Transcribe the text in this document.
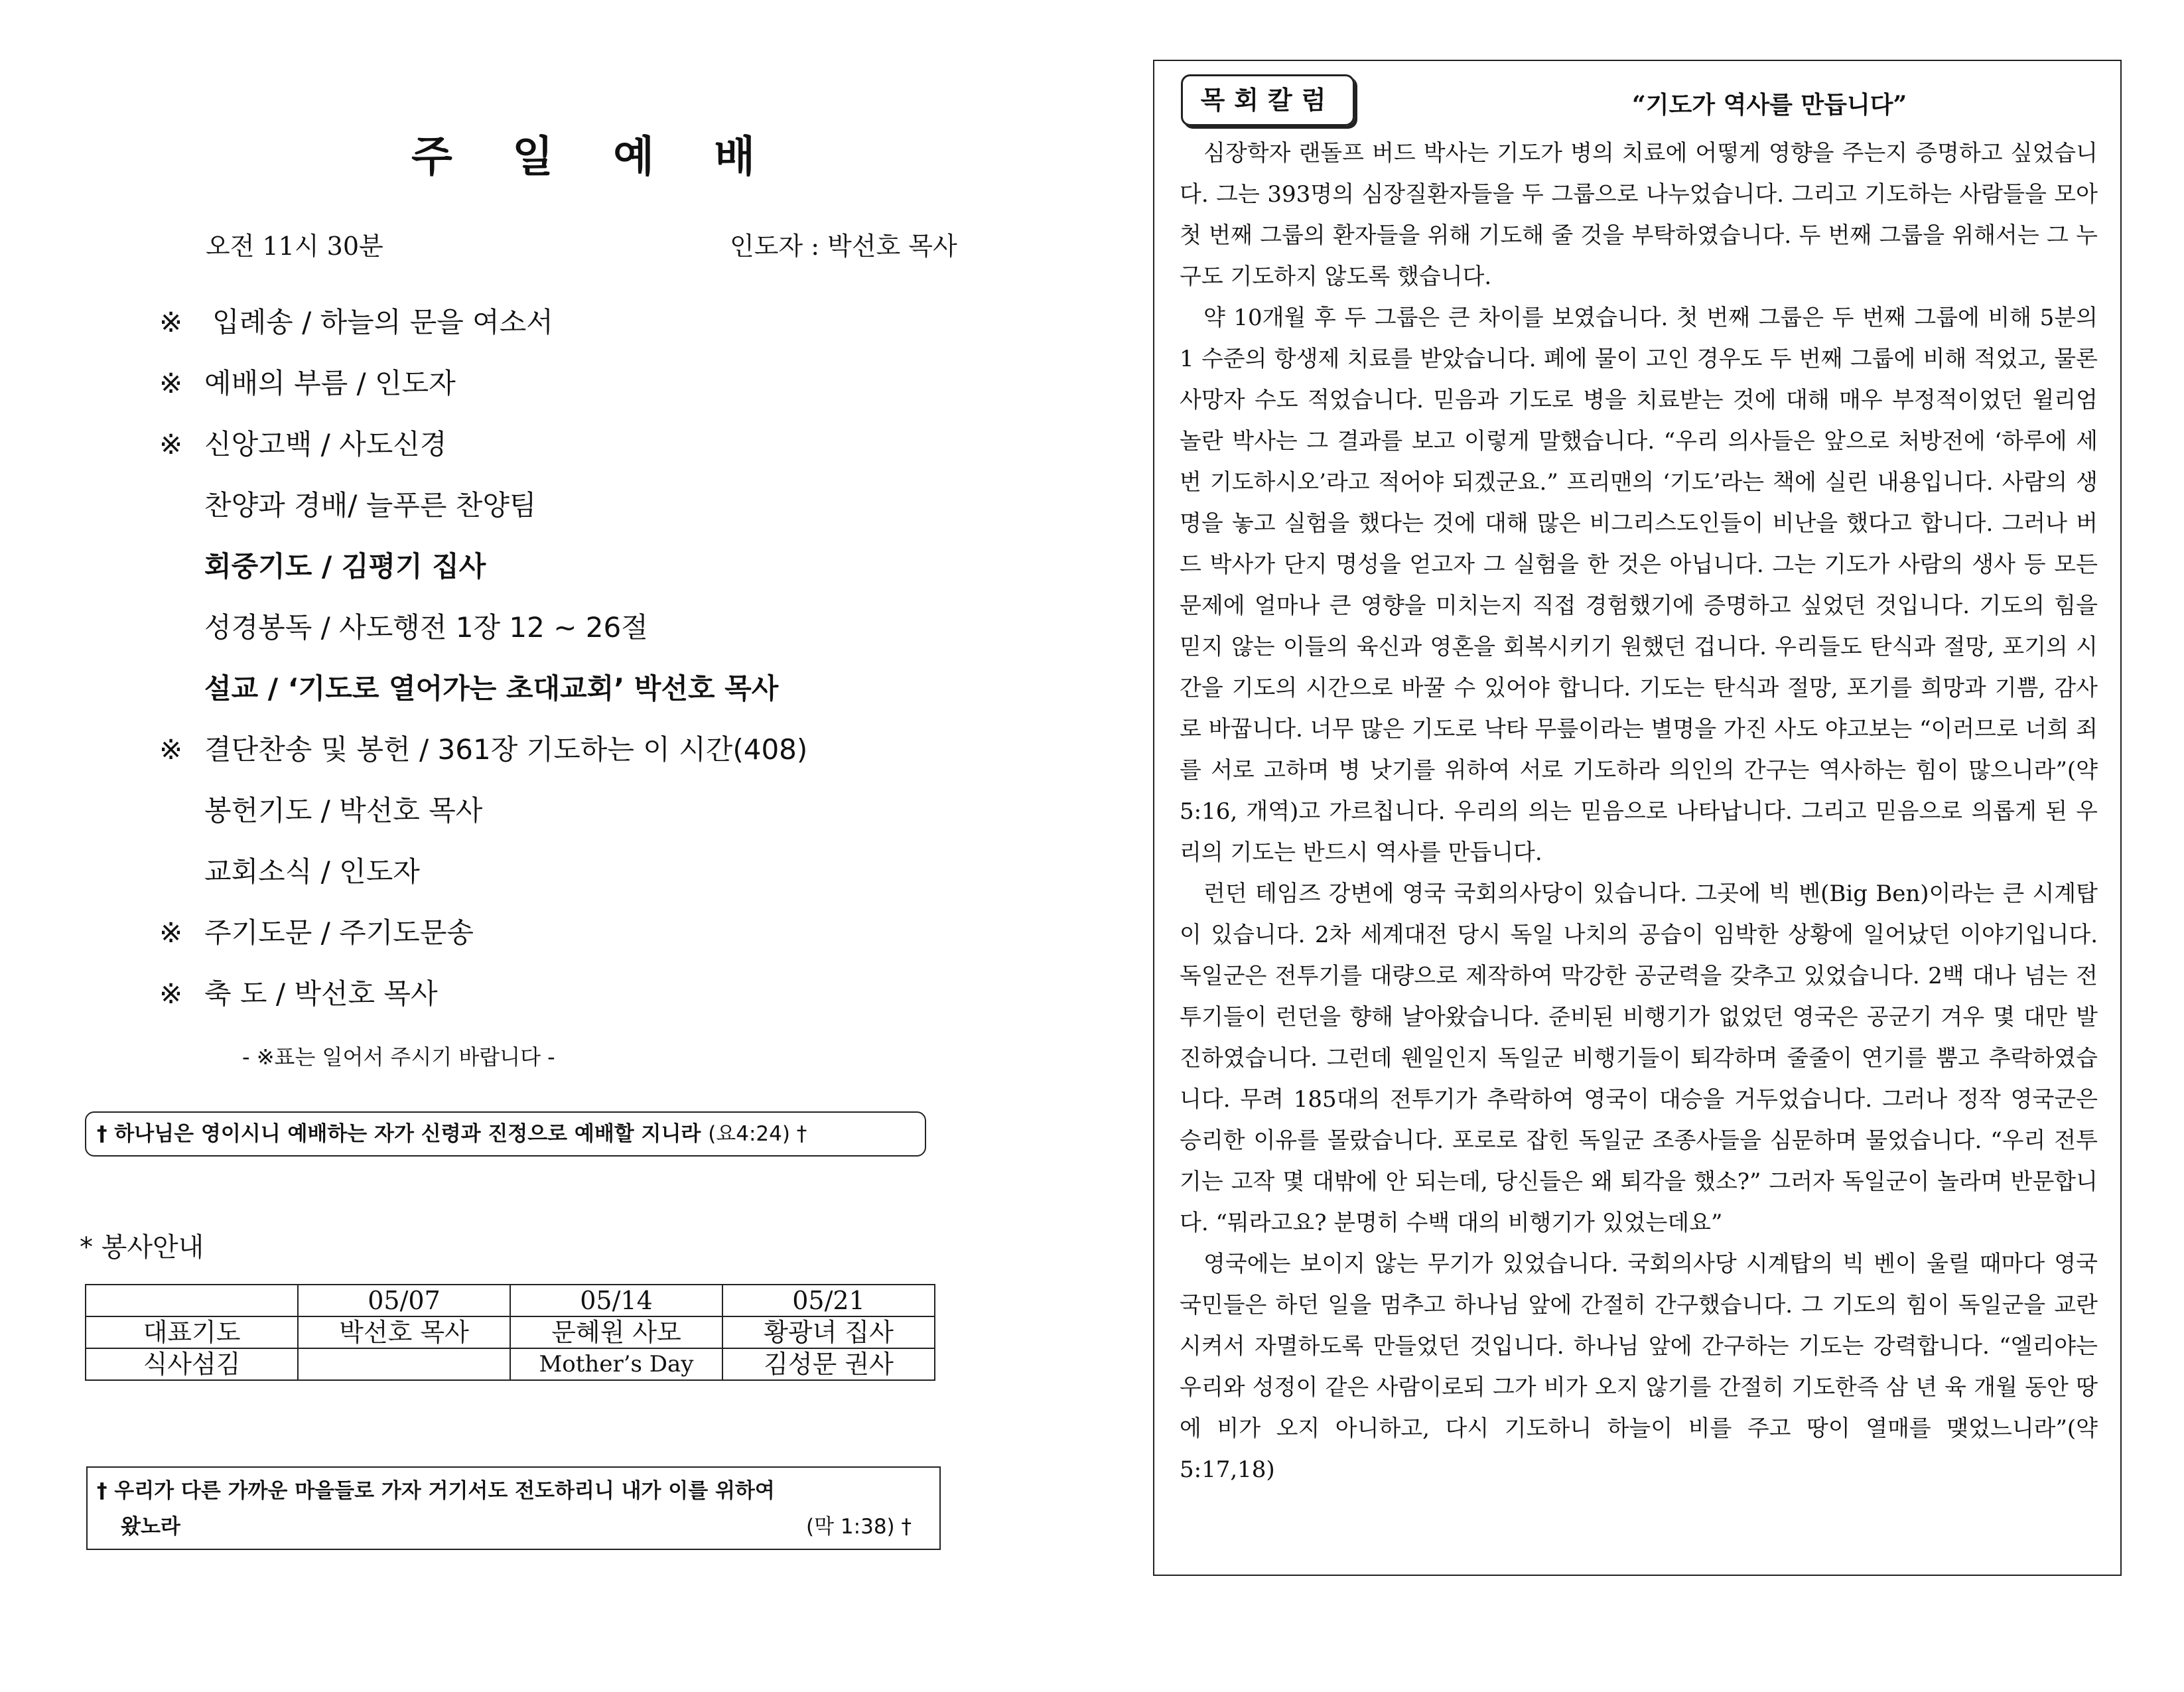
주 일 예 배
오전 11시 30분	인도자 : 박선호 목사
※	입례송 / 하늘의 문을 여소서
※ 예배의 부름 / 인도자
※ 신앙고백 / 사도신경
찬양과 경배/ 늘푸른 찬양팀
회중기도 / 김평기 집사
성경봉독 / 사도행전 1장 12 ~ 26절
설교 / ‘기도로 열어가는 초대교회’ 박선호 목사
※ 결단찬송 및 봉헌 / 361장 기도하는 이 시간(408)
봉헌기도 / 박선호 목사
교회소식 / 인도자
※ 주기도문 / 주기도문송
※ 축 도 / 박선호 목사
- ※표는 일어서 주시기 바랍니다 -
† 하나님은 영이시니 예배하는 자가 신령과 진정으로 예배할 지니라 (요4:24) †
* 봉사안내
	05/07	05/14	05/21
대표기도	박선호 목사	문혜원 사모	황광녀 집사
식사섬김		Mother’s Day	김성문 권사
† 우리가 다른 가까운 마을들로 가자 거기서도 전도하리니 내가 이를 위하여
왔노라	(막 1:38) †
목회칼럼	“기도가 역사를 만듭니다”

심장학자 랜돌프 버드 박사는 기도가 병의 치료에 어떻게 영향을 주는지 증명하고 싶었습니다. 그는 393명의 심장질환자들을 두 그룹으로 나누었습니다. 그리고 기도하는 사람들을 모아 첫 번째 그룹의 환자들을 위해 기도해 줄 것을 부탁하였습니다. 두 번째 그룹을 위해서는 그 누구도 기도하지 않도록 했습니다.

약 10개월 후 두 그룹은 큰 차이를 보였습니다. 첫 번째 그룹은 두 번째 그룹에 비해 5분의 1 수준의 항생제 치료를 받았습니다. 폐에 물이 고인 경우도 두 번째 그룹에 비해 적었고, 물론 사망자 수도 적었습니다. 믿음과 기도로 병을 치료받는 것에 대해 매우 부정적이었던 윌리엄 놀란 박사는 그 결과를 보고 이렇게 말했습니다. “우리 의사들은 앞으로 처방전에 ‘하루에 세 번 기도하시오’라고 적어야 되겠군요.” 프리맨의 ‘기도’라는 책에 실린 내용입니다. 사람의 생명을 놓고 실험을 했다는 것에 대해 많은 비그리스도인들이 비난을 했다고 합니다. 그러나 버드 박사가 단지 명성을 얻고자 그 실험을 한 것은 아닙니다. 그는 기도가 사람의 생사 등 모든 문제에 얼마나 큰 영향을 미치는지 직접 경험했기에 증명하고 싶었던 것입니다. 기도의 힘을 믿지 않는 이들의 육신과 영혼을 회복시키기 원했던 겁니다. 우리들도 탄식과 절망, 포기의 시간을 기도의 시간으로 바꿀 수 있어야 합니다. 기도는 탄식과 절망, 포기를 희망과 기쁨, 감사로 바꿉니다. 너무 많은 기도로 낙타 무릎이라는 별명을 가진 사도 야고보는 “이러므로 너희 죄를 서로 고하며 병 낫기를 위하여 서로 기도하라 의인의 간구는 역사하는 힘이 많으니라”(약 5:16, 개역)고 가르칩니다. 우리의 의는 믿음으로 나타납니다. 그리고 믿음으로 의롭게 된 우리의 기도는 반드시 역사를 만듭니다.

런던 테임즈 강변에 영국 국회의사당이 있습니다. 그곳에 빅 벤(Big Ben)이라는 큰 시계탑이 있습니다. 2차 세계대전 당시 독일 나치의 공습이 임박한 상황에 일어났던 이야기입니다. 독일군은 전투기를 대량으로 제작하여 막강한 공군력을 갖추고 있었습니다. 2백 대나 넘는 전투기들이 런던을 향해 날아왔습니다. 준비된 비행기가 없었던 영국은 공군기 겨우 몇 대만 발진하였습니다. 그런데 웬일인지 독일군 비행기들이 퇴각하며 줄줄이 연기를 뿜고 추락하였습니다. 무려 185대의 전투기가 추락하여 영국이 대승을 거두었습니다. 그러나 정작 영국군은 승리한 이유를 몰랐습니다. 포로로 잡힌 독일군 조종사들을 심문하며 물었습니다. “우리 전투기는 고작 몇 대밖에 안 되는데, 당신들은 왜 퇴각을 했소?” 그러자 독일군이 놀라며 반문합니다. “뭐라고요? 분명히 수백 대의 비행기가 있었는데요”

영국에는 보이지 않는 무기가 있었습니다. 국회의사당 시계탑의 빅 벤이 울릴 때마다 영국 국민들은 하던 일을 멈추고 하나님 앞에 간절히 간구했습니다. 그 기도의 힘이 독일군을 교란시켜서 자멸하도록 만들었던 것입니다. 하나님 앞에 간구하는 기도는 강력합니다. “엘리야는 우리와 성정이 같은 사람이로되 그가 비가 오지 않기를 간절히 기도한즉 삼 년 육 개월 동안 땅에 비가 오지 아니하고, 다시 기도하니 하늘이 비를 주고 땅이 열매를 맺었느니라”(약 5:17,18)
